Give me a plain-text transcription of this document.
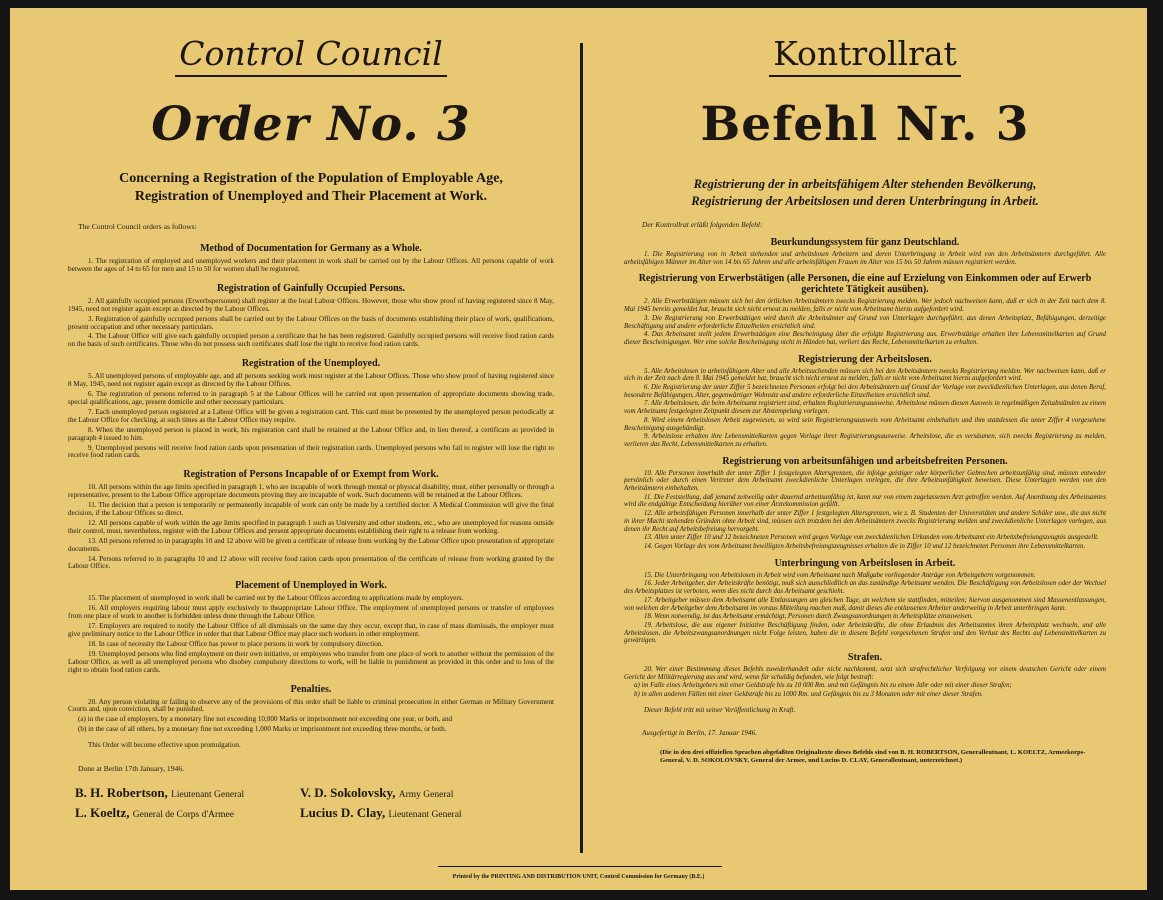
Control Council
Order No. 3
Concerning a Registration of the Population of Employable Age,
Registration of Unemployed and Their Placement at Work.
The Control Council orders as follows:
Method of Documentation for Germany as a Whole.
1. The registration of employed and unemployed workers and their placement in work shall be carried out by the Labour Offices. All persons capable of work between the ages of 14 to 65 for men and 15 to 50 for women shall be registered.
Registration of Gainfully Occupied Persons.
2. All gainfully occupied persons (Erwerbspersonen) shall register at the local Labour Offices. However, those who show proof of having registered since 8 May, 1945, need not register again except as directed by the Labour Offices.
3. Registration of gainfully occupied persons shall be carried out by the Labour Offices on the basis of documents establishing their place of work, qualifications, present occupation and other necessary particulars.
4. The Labour Office will give each gainfully occupied person a certificate that he has been registered. Gainfully occupied persons will receive food ration cards on the basis of such certificates. Those who do not possess such certificates shall lose the right to receive food ration cards.
Registration of the Unemployed.
5. All unemployed persons of employable age, and all persons seeking work must register at the Labour Offices. Those who show proof of having registered since 8 May, 1945, need not register again except as directed by the Labour Offices.
6. The registration of persons referred to in paragraph 5 at the Labour Offices will be carried out upon presentation of appropriate documents showing trade, special qualifications, age, present domicile and other necessary particulars.
7. Each unemployed person registered at a Labour Office will be given a registration card. This card must be presented by the unemployed person periodically at the Labour Office for checking, at such times as the Labour Office may require.
8. When the unemployed person is placed in work, his registration card shall be retained at the Labour Office and, in lieu thereof, a certificate as provided in paragraph 4 issued to him.
9. Unemployed persons will receive food ration cards upon presentation of their registration cards. Unemployed persons who fail to register will lose the right to receive food ration cards.
Registration of Persons Incapable of or Exempt from Work.
10. All persons within the age limits specified in paragraph 1, who are incapable of work through mental or physical disability, must, either personally or through a representative, present to the Labour Office appropriate documents proving they are incapable of work. Such documents will be retained at the Labour Offices.
11. The decision that a person is temporarily or permanently incapable of work can only be made by a certified doctor. A Medical Commission will give the final decision, if the Labour Offices so direct.
12. All persons capable of work within the age limits specified in paragraph 1 such as University and other students, etc., who are unemployed for reasons outside their control, must, nevertheless, register with the Labour Offices and present appropriate documents establishing their right to a release from working.
13. All persons referred to in paragraphs 10 and 12 above will be given a certificate of release from working by the Labour Office upon presentation of appropriate documents.
14. Persons referred to in paragraphs 10 and 12 above will receive food ration cards upon presentation of the certificate of release from working granted by the Labour Office.
Placement of Unemployed in Work.
15. The placement of unemployed in work shall be carried out by the Labour Offices according to applications made by employers.
16. All employers requiring labour must apply exclusively to theappropriate Labour Office. The employment of unemployed persons or transfer of employees from one place of work to another is forbidden unless done through the Labour Office.
17. Employers are required to notify the Labour Office of all dismissals on the same day they occur, except that, in case of mass dismissals, the employer must give preliminary notice to the Labour Office in order that that Labour Office may place such workers in other employment.
18. In case of necessity the Labour Office has power to place persons in work by compulsory direction.
19. Unemployed persons who find employment on their own initiative, or employees who transfer from one place of work to another without the permission of the Labour Office, as well as all unemployed persons who disobey compulsory directions to work, will be liable to punishment as provided in this order and to loss of the right to obtain food ration cards.
Penalties.
20. Any person violating or failing to observe any of the provisions of this order shall be liable to criminal prosecution in either German or Military Government Courts and, upon conviction, shall be punished.
(a) in the case of employers, by a monetary fine not exceeding 10,000 Marks or imprisonment not exceeding one year, or both, and
(b) in the case of all others, by a monetary fine not exceeding 1,000 Marks or imprisonment not exceeding three months, or both.
This Order will become effective upon promulgation.
Done at Berlin 17th January, 1946.
B. H. Robertson, Lieutenant General	V. D. Sokolovsky, Army General
L. Koeltz, General de Corps d'Armee	Lucius D. Clay, Lieutenant General
Kontrollrat
Befehl Nr. 3
Registrierung der in arbeitsfähigem Alter stehenden Bevölkerung,
Registrierung der Arbeitslosen und deren Unterbringung in Arbeit.
Der Kontrollrat erläßt folgenden Befehl:
Beurkundungssystem für ganz Deutschland.
1. Die Registrierung von in Arbeit stehenden und arbeitslosen Arbeitern und deren Unterbringung in Arbeit wird von den Arbeitsämtern durchgeführt. Alle arbeitsfähigen Männer im Alter von 14 bis 65 Jahren und alle arbeitsfähigen Frauen im Alter von 15 bis 50 Jahren müssen registriert werden.
Registrierung von Erwerbstätigen (alle Personen, die eine auf Erzielung von Einkommen oder auf Erwerb gerichtete Tätigkeit ausüben).
2. Alle Erwerbstätigen müssen sich bei den örtlichen Arbeitsämtern zwecks Registrierung melden. Wer jedoch nachweisen kann, daß er sich in der Zeit nach dem 8. Mai 1945 bereits gemeldet hat, braucht sich nicht erneut zu melden, falls er nicht vom Arbeitsamt hierzu aufgefordert wird.
3. Die Registrierung von Erwerbstätigen wird durch die Arbeitsämter auf Grund von Unterlagen durchgeführt, aus denen Arbeitsplatz, Befähigungen, derzeitige Beschäftigung und andere erforderliche Einzelheiten ersichtlich sind.
4. Das Arbeitsamt stellt jedem Erwerbstätigen eine Bescheinigung über die erfolgte Registrierung aus. Erwerbstätige erhalten ihre Lebensmittelkarten auf Grund dieser Bescheinigungen. Wer eine solche Bescheinigung nicht in Händen hat, verliert das Recht, Lebensmittelkarten zu erhalten.
Registrierung der Arbeitslosen.
5. Alle Arbeitslosen in arbeitsfähigem Alter und alle Arbeitsuchenden müssen sich bei den Arbeitsämtern zwecks Registrierung melden. Wer nachweisen kann, daß er sich in der Zeit nach dem 8. Mai 1945 gemeldet hat, braucht sich nicht erneut zu melden, falls er nicht vom Arbeitsamt hierzu aufgefordert wird.
6. Die Registrierung der unter Ziffer 5 bezeichneten Personen erfolgt bei den Arbeitsämtern auf Grund der Vorlage von zweckdienlichen Unterlagen, aus denen Beruf, besondere Befähigungen, Alter, gegenwärtiger Wohnsitz und andere erforderliche Einzelheiten ersichtlich sind.
7. Alle Arbeitslosen, die beim Arbeitsamt registriert sind, erhalten Registrierungsausweise. Arbeitslose müssen diesen Ausweis in regelmäßigen Zeitabständen zu einem vom Arbeitsamt festgelegten Zeitpunkt diesem zur Abstempelung vorlegen.
8. Wird einem Arbeitslosen Arbeit zugewiesen, so wird sein Registrierungsausweis vom Arbeitsamt einbehalten und ihm stattdessen die unter Ziffer 4 vorgesehene Bescheinigung ausgehändigt.
9. Arbeitslose erhalten ihre Lebensmittelkarten gegen Vorlage ihrer Registrierungsausweise. Arbeitslose, die es versäumen, sich zwecks Registrierung zu melden, verlieren das Recht, Lebensmittelkarten zu erhalten.
Registrierung von arbeitsunfähigen und arbeitsbefreiten Personen.
10. Alle Personen innerhalb der unter Ziffer 1 festgelegten Altersgrenzen, die infolge geistiger oder körperlicher Gebrechen arbeitsunfähig sind, müssen entweder persönlich oder durch einen Vertreter dem Arbeitsamt zweckdienliche Unterlagen vorlegen, die ihre Arbeitsunfähigkeit beweisen. Diese Unterlagen werden von den Arbeitsämtern einbehalten.
11. Die Feststellung, daß jemand zeitweilig oder dauernd arbeitsunfähig ist, kann nur von einem zugelassenen Arzt getroffen werden. Auf Anordnung des Arbeitsamtes wird die endgültige Entscheidung hierüber von einer Ärztekommission gefällt.
12. Alle arbeitsfähigen Personen innerhalb der unter Ziffer 1 festgelegten Altersgrenzen, wie z. B. Studenten der Universitäten und andere Schüler usw., die aus nicht in ihrer Macht stehenden Gründen ohne Arbeit sind, müssen sich trotzdem bei den Arbeitsämtern zwecks Registrierung melden und zweckdienliche Unterlagen vorlegen, aus denen ihr Recht auf Arbeitsbefreiung hervorgeht.
13. Allen unter Ziffer 10 und 12 bezeichneten Personen wird gegen Vorlage von zweckdienlichen Urkunden vom Arbeitsamt ein Arbeitsbefreiungszeugnis ausgestellt.
14. Gegen Vorlage des vom Arbeitsamt bewilligten Arbeitsbefreiungszeugnisses erhalten die in Ziffer 10 und 12 bezeichneten Personen ihre Lebensmittelkarten.
Unterbringung von Arbeitslosen in Arbeit.
15. Die Unterbringung von Arbeitslosen in Arbeit wird vom Arbeitsamt nach Maßgabe vorliegender Anträge von Arbeitgebern vorgenommen.
16. Jeder Arbeitgeber, der Arbeitskräfte benötigt, muß sich ausschließlich an das zuständige Arbeitsamt wenden. Die Beschäftigung von Arbeitslosen oder der Wechsel des Arbeitsplatzes ist verboten, wenn dies nicht durch das Arbeitsamt geschieht.
17. Arbeitgeber müssen dem Arbeitsamt alle Entlassungen am gleichen Tage, an welchem sie stattfinden, mitteilen; hiervon ausgenommen sind Massenentlassungen, von welchen der Arbeitgeber dem Arbeitsamt im voraus Mitteilung machen muß, damit dieses die entlassenen Arbeiter anderweitig in Arbeit unterbringen kann.
18. Wenn notwendig, ist das Arbeitsamt ermächtigt, Personen durch Zwangsanordnungen in Arbeitsplätze einzuweisen.
19. Arbeitslose, die aus eigener Initiative Beschäftigung finden, oder Arbeitskräfte, die ohne Erlaubnis des Arbeitsamtes ihren Arbeitsplatz wechseln, und alle Arbeitslosen, die Arbeitszwangsanordnungen nicht Folge leisten, haben die in diesem Befehl vorgesehenen Strafen und den Verlust des Rechts auf Lebensmittelkarten zu gewärtigen.
Strafen.
20. Wer einer Bestimmung dieses Befehls zuwiderhandelt oder nicht nachkommt, setzt sich strafrechtlicher Verfolgung vor einem deutschen Gericht oder einem Gericht der Militärregierung aus und wird, wenn für schuldig befunden, wie folgt bestraft:
a) im Falle eines Arbeitgebers mit einer Geldstrafe bis zu 10 000 Rm. und mit Gefängnis bis zu einem Jahr oder mit einer dieser Strafen;
b) in allen anderen Fällen mit einer Geldstrafe bis zu 1000 Rm. und Gefängnis bis zu 3 Monaten oder mit einer dieser Strafen.
Dieser Befehl tritt mit seiner Veröffentlichung in Kraft.
Ausgefertigt in Berlin, 17. Januar 1946.
(Die in den drei offiziellen Sprachen abgefaßten Originaltexte dieses Befehls sind von B. H. ROBERTSON, Generalleutnant, L. KOELTZ, Armeekorps-General, V. D. SOKOLOVSKY, General der Armee, und Lucius D. CLAY, Generalleutnant, unterzeichnet.)
Printed by the PRINTING AND DISTRIBUTION UNIT, Control Commission for Germany (B.E.)
